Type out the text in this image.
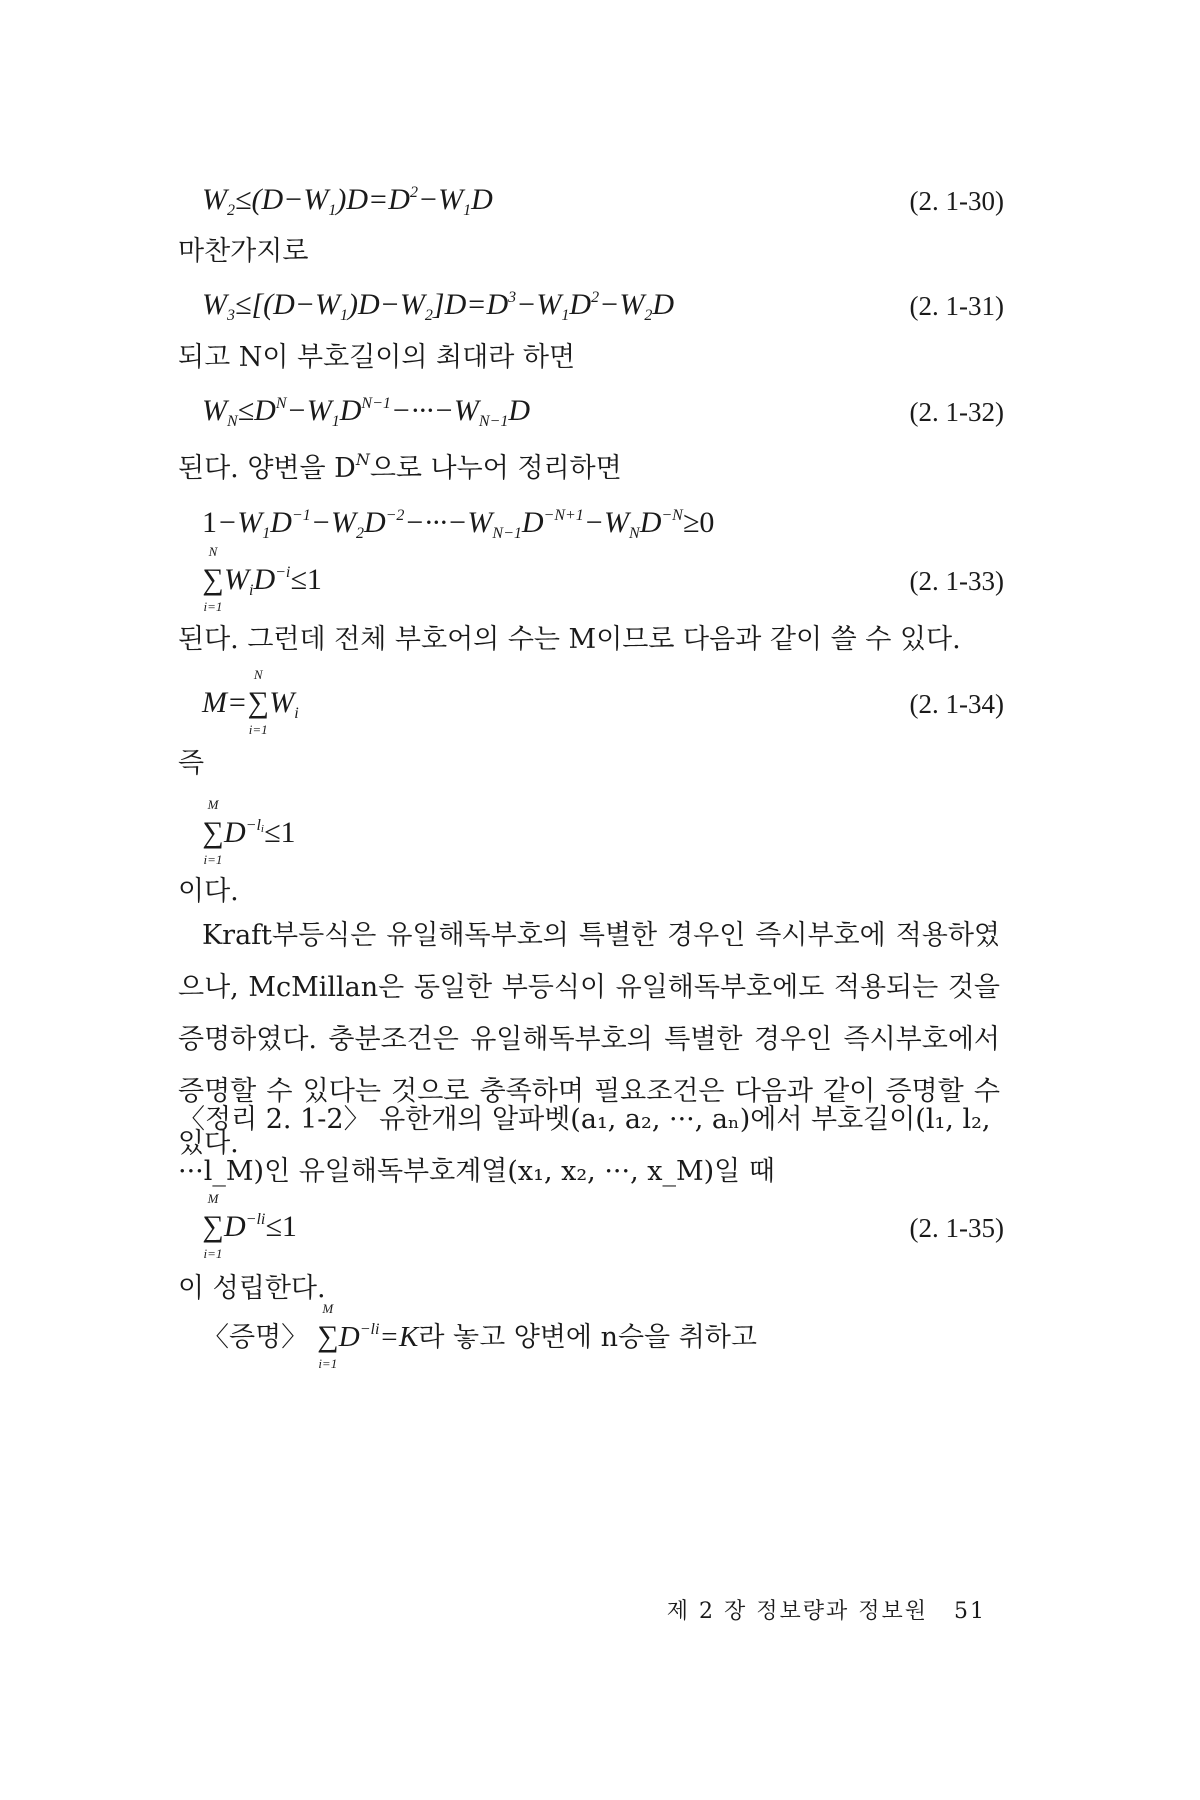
$W_2\le(D-W_1)D=D^2-W_1D$	(2. 1-30)
마찬가지로
$W_3\le[(D-W_1)D-W_2]D=D^3-W_1D^2-W_2D$	(2. 1-31)
되고 N이 부호길이의 최대라 하면
$W_N\le D^N-W_1D^{N-1}-\cdot\cdot\cdot-W_{N-1}D$	(2. 1-32)
된다. 양변을 $D^N$으로 나누어 정리하면
$1-W_1D^{-1}-W_2D^{-2}-\cdot\cdot\cdot-W_{N-1}D^{-N+1}-W_ND^{-N}\ge 0$
∑
N
i=1
$W_iD^{-i}\le 1$	(2. 1-33)
된다. 그런데 전체 부호어의 수는 M이므로 다음과 같이 쓸 수 있다.
M=∑
N
i=1
$W_i$	(2. 1-34)
즉
∑
M
i=1
$D^{-l_i}\le 1$
이다.
Kraft부등식은 유일해독부호의 특별한 경우인 즉시부호에 적용하였으나, McMillan은 동일한 부등식이 유일해독부호에도 적용되는 것을 증명하였다. 충분조건은 유일해독부호의 특별한 경우인 즉시부호에서 증명할 수 있다는 것으로 충족하며 필요조건은 다음과 같이 증명할 수 있다.
〈정리 2. 1-2〉 유한개의 알파벳(a₁, a₂, ···, aₙ)에서 부호길이(l₁, l₂,
···l_M)인 유일해독부호계열(x₁, x₂, ···, x_M)일 때
∑
M
i=1
$D^{-li}\le 1$	(2. 1-35)
이 성립한다.
〈증명〉 ∑
M
i=1
$D^{-li}=K$라 놓고 양변에 n승을 취하고
제 2 장 정보량과 정보원 51
